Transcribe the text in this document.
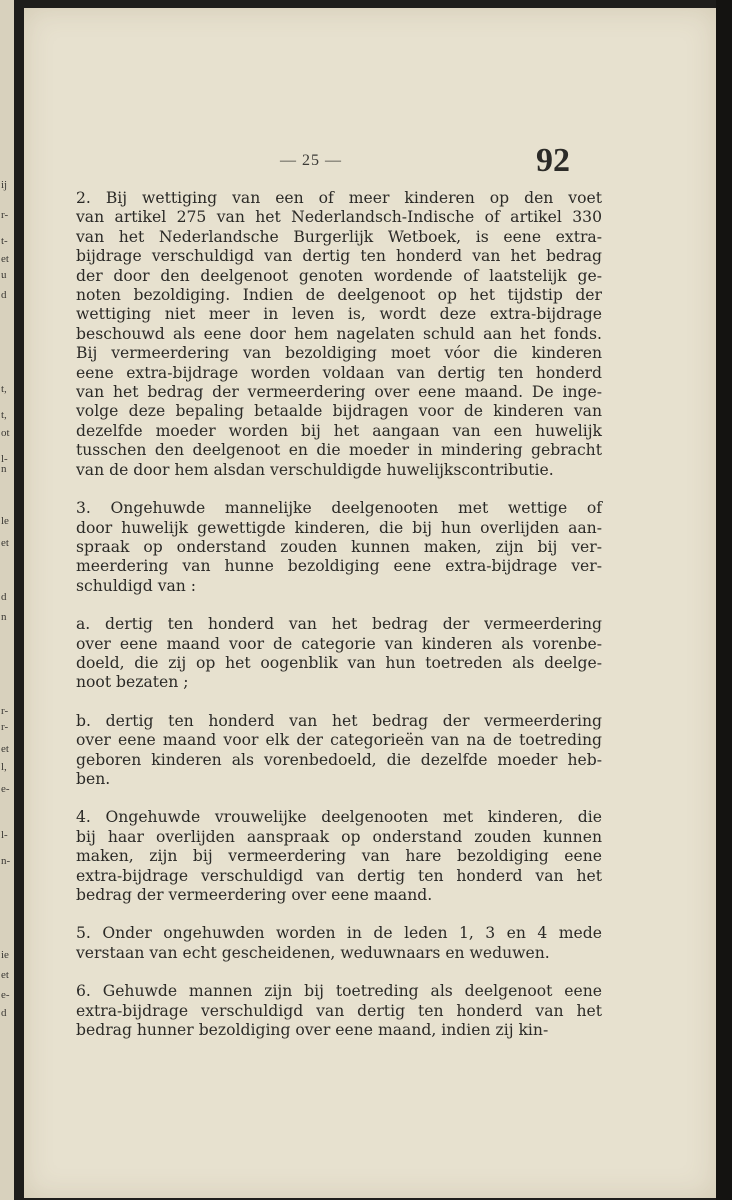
ij
r-
t-
et
u
d
t,
t,
ot
l-
n
le
et
d
n
r-
r-
et
l,
e-
l-
n-
ie
et
e-
d
— 25 —	92
2. Bij wettiging van een of meer kinderen op den voet
van artikel 275 van het Nederlandsch-Indische of artikel 330
van het Nederlandsche Burgerlijk Wetboek, is eene extra-
bijdrage verschuldigd van dertig ten honderd van het bedrag
der door den deelgenoot genoten wordende of laatstelijk ge-
noten bezoldiging. Indien de deelgenoot op het tijdstip der
wettiging niet meer in leven is, wordt deze extra-bijdrage
beschouwd als eene door hem nagelaten schuld aan het fonds.
Bij vermeerdering van bezoldiging moet vóor die kinderen
eene extra-bijdrage worden voldaan van dertig ten honderd
van het bedrag der vermeerdering over eene maand. De inge-
volge deze bepaling betaalde bijdragen voor de kinderen van
dezelfde moeder worden bij het aangaan van een huwelijk
tusschen den deelgenoot en die moeder in mindering gebracht
van de door hem alsdan verschuldigde huwelijkscontributie.
3. Ongehuwde mannelijke deelgenooten met wettige of
door huwelijk gewettigde kinderen, die bij hun overlijden aan-
spraak op onderstand zouden kunnen maken, zijn bij ver-
meerdering van hunne bezoldiging eene extra-bijdrage ver-
schuldigd van :
a. dertig ten honderd van het bedrag der vermeerdering
over eene maand voor de categorie van kinderen als vorenbe-
doeld, die zij op het oogenblik van hun toetreden als deelge-
noot bezaten ;
b. dertig ten honderd van het bedrag der vermeerdering
over eene maand voor elk der categorieën van na de toetreding
geboren kinderen als vorenbedoeld, die dezelfde moeder heb-
ben.
4. Ongehuwde vrouwelijke deelgenooten met kinderen, die
bij haar overlijden aanspraak op onderstand zouden kunnen
maken, zijn bij vermeerdering van hare bezoldiging eene
extra-bijdrage verschuldigd van dertig ten honderd van het
bedrag der vermeerdering over eene maand.
5. Onder ongehuwden worden in de leden 1, 3 en 4 mede
verstaan van echt gescheidenen, weduwnaars en weduwen.
6. Gehuwde mannen zijn bij toetreding als deelgenoot eene
extra-bijdrage verschuldigd van dertig ten honderd van het
bedrag hunner bezoldiging over eene maand, indien zij kin-
